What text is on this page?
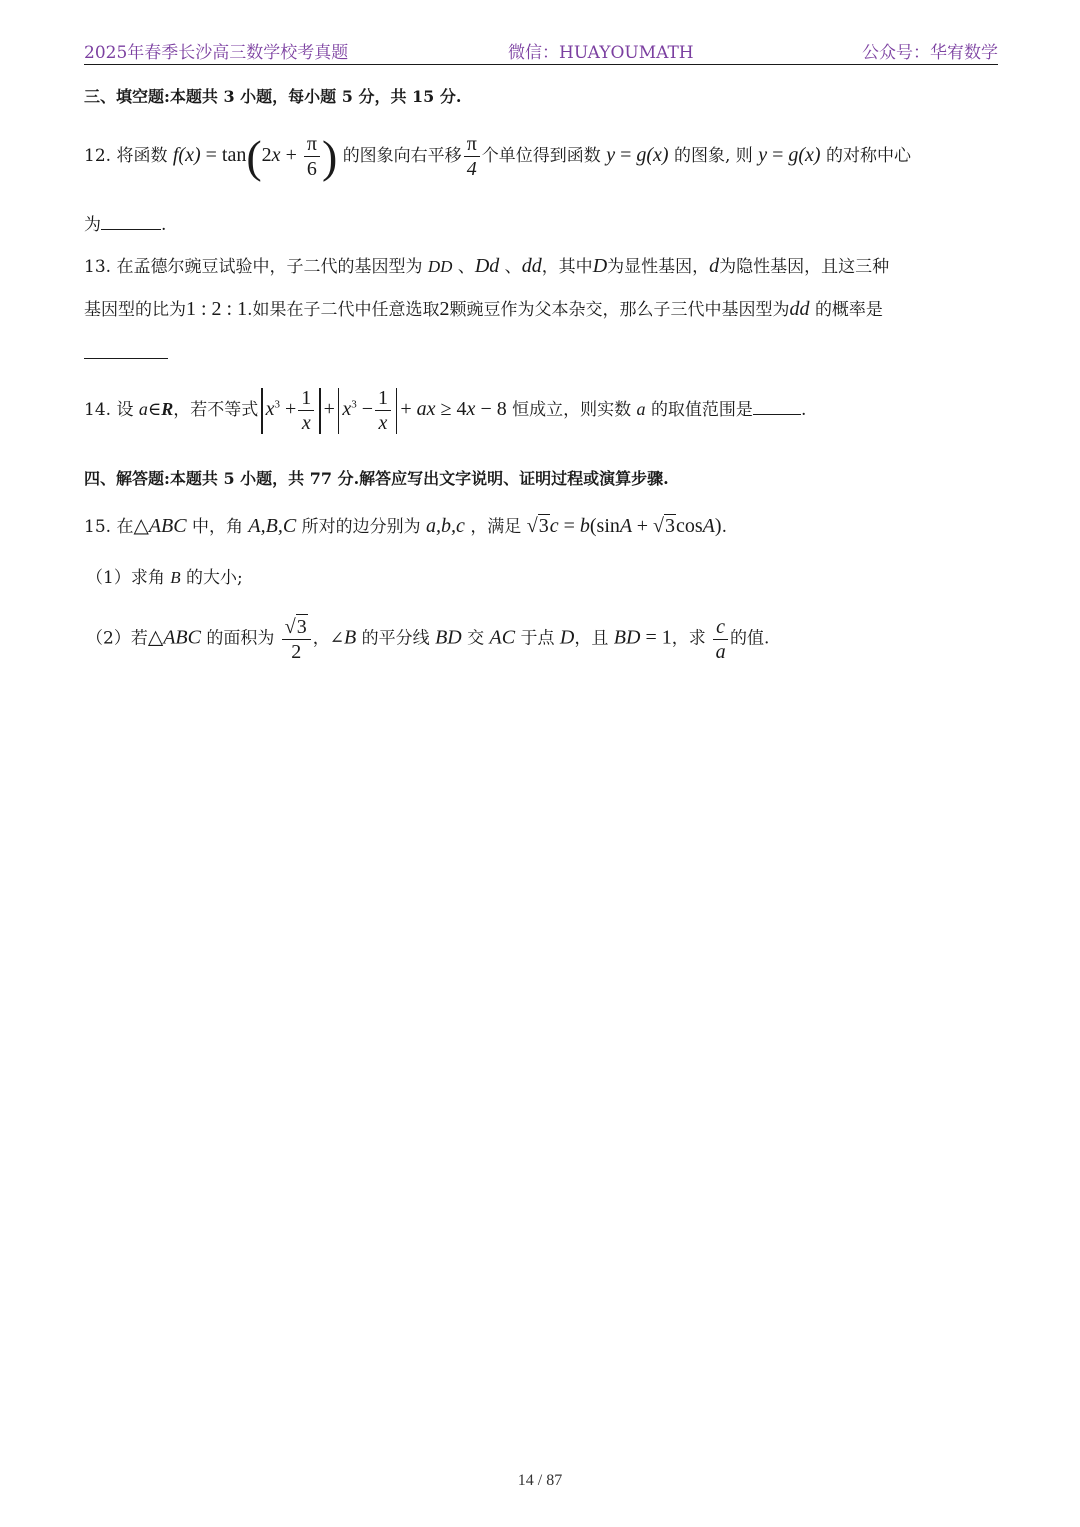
2025年春季长沙高三数学校考真题	微信：HUAYOUMATH	公众号：华宥数学
三、填空题:本题共 3 小题，每小题 5 分，共 15 分.
12. 将函数 $f(x) = \tan(2x + \frac{\pi}{6}$ ) 的图象向右平移 $\frac{\pi}{4}$ 个单位得到函数 y = g(x) 的图象, 则 y = g(x) 的对称中心
为	.
13. 在孟德尔豌豆试验中，子二代的基因型为 DD 、Dd 、dd，其中D为显性基因，d为隐性基因，且这三种
基因型的比为1 : 2 : 1.如果在子二代中任意选取2颗豌豆作为父本杂交，那么子三代中基因型为dd 的概率是
14. 设 a∈R，若不等式 $x^3 + \frac{1}{x} + x^3 - \frac{1}{x}$ + ax ≥ 4x − 8 恒成立，则实数 a 的取值范围是	.
四、解答题:本题共 5 小题，共 77 分.解答应写出文字说明、证明过程或演算步骤.
15. 在△ABC 中，角 A,B,C 所对的边分别为 a,b,c ，满足 √3c = b(sinA + √3cosA).
（1）求角 B 的大小;
（2）若△ABC 的面积为 $\frac{√3}{2}$ ，∠B 的平分线 BD 交 AC 于点 D，且 BD = 1，求 $\frac{c}{a}$ 的值.
14 / 87
